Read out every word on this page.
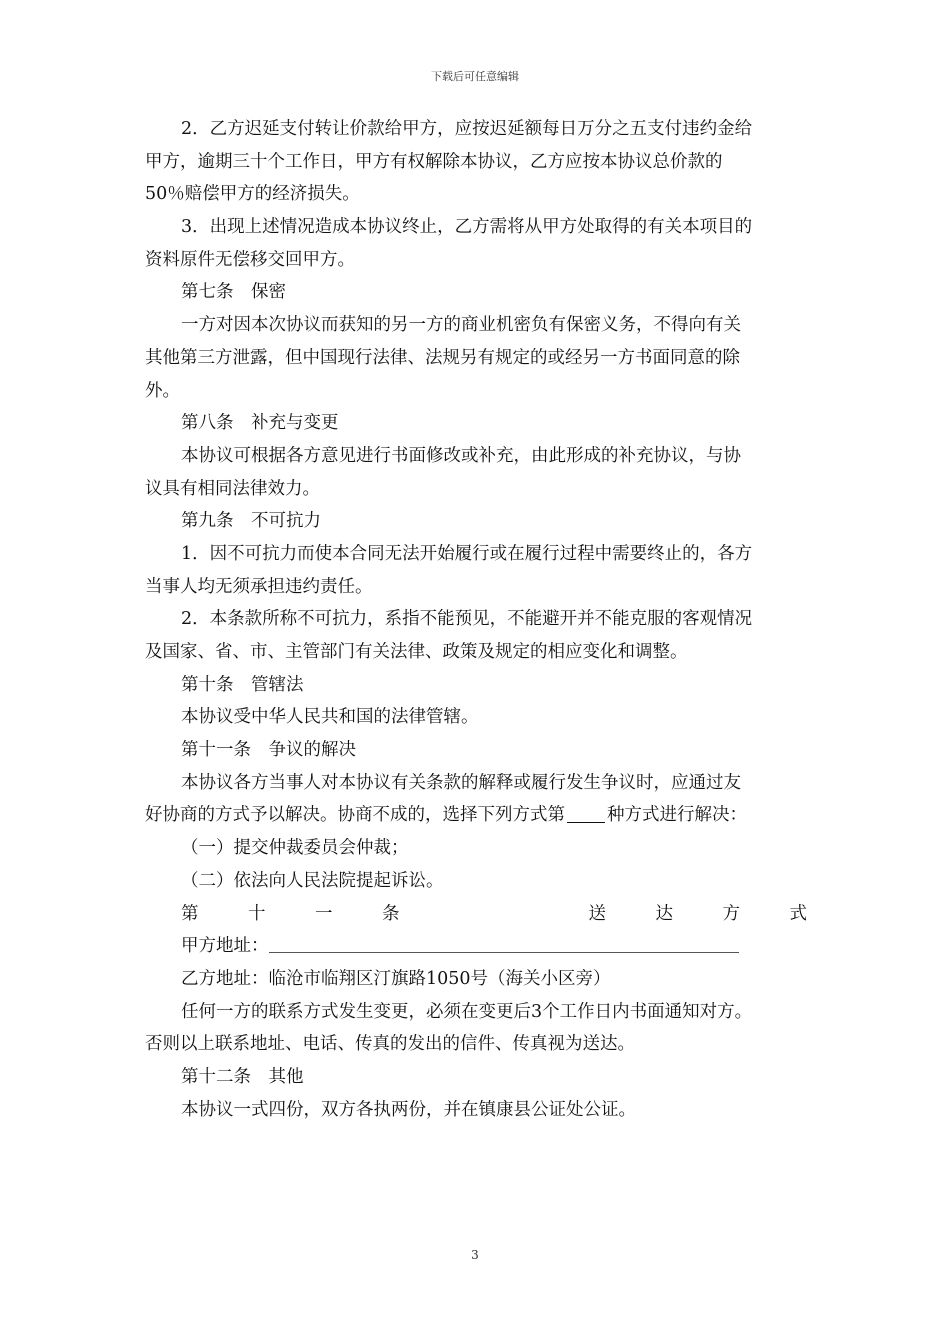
下载后可任意编辑
2．乙方迟延支付转让价款给甲方，应按迟延额每日万分之五支付违约金给
甲方，逾期三十个工作日，甲方有权解除本协议，乙方应按本协议总价款的
50％赔偿甲方的经济损失。
3．出现上述情况造成本协议终止，乙方需将从甲方处取得的有关本项目的
资料原件无偿移交回甲方。
第七条　保密
一方对因本次协议而获知的另一方的商业机密负有保密义务，不得向有关
其他第三方泄露，但中国现行法律、法规另有规定的或经另一方书面同意的除
外。
第八条　补充与变更
本协议可根据各方意见进行书面修改或补充，由此形成的补充协议，与协
议具有相同法律效力。
第九条　不可抗力
1．因不可抗力而使本合同无法开始履行或在履行过程中需要终止的，各方
当事人均无须承担违约责任。
2．本条款所称不可抗力，系指不能预见，不能避开并不能克服的客观情况
及国家、省、市、主管部门有关法律、政策及规定的相应变化和调整。
第十条　管辖法
本协议受中华人民共和国的法律管辖。
第十一条　争议的解决
本协议各方当事人对本协议有关条款的解释或履行发生争议时，应通过友
好协商的方式予以解决。协商不成的，选择下列方式第 种方式进行解决：
（一）提交仲裁委员会仲裁；
（二）依法向人民法院提起诉讼。
第	十	一	条	送	达	方	式
甲方地址：
乙方地址：临沧市临翔区汀旗路1050号（海关小区旁）
任何一方的联系方式发生变更，必须在变更后3个工作日内书面通知对方。
否则以上联系地址、电话、传真的发出的信件、传真视为送达。
第十二条　其他
本协议一式四份，双方各执两份，并在镇康县公证处公证。
3
